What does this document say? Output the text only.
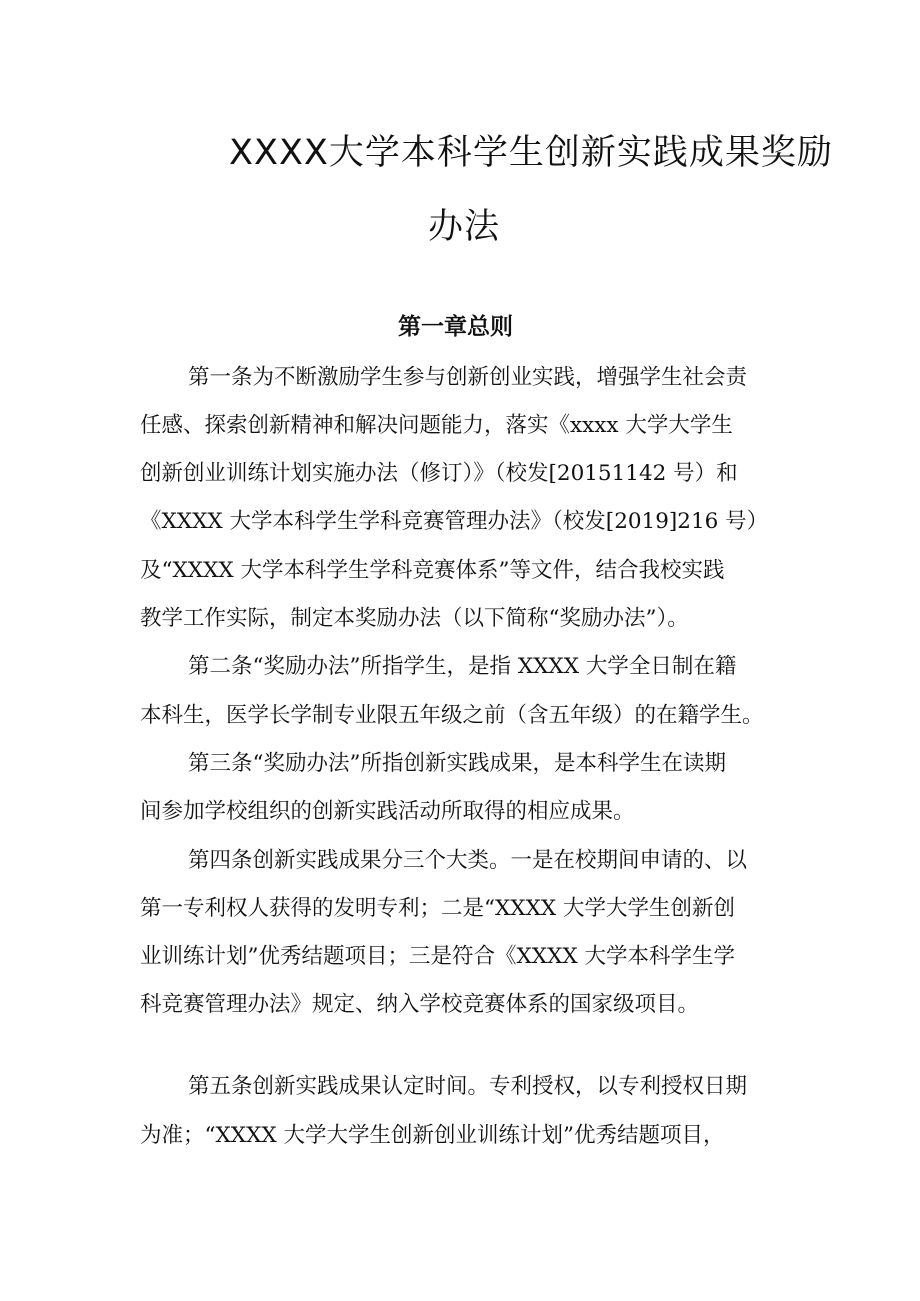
XXXX大学本科学生创新实践成果奖励
办法
第一章总则
第一条为不断激励学生参与创新创业实践，增强学生社会责
任感、探索创新精神和解决问题能力，落实《xxxx 大学大学生
创新创业训练计划实施办法（修订）》（校发[20151142 号）和
《XXXX 大学本科学生学科竞赛管理办法》（校发[2019]216 号）
及“XXXX 大学本科学生学科竞赛体系”等文件，结合我校实践
教学工作实际，制定本奖励办法（以下简称“奖励办法”）。
第二条“奖励办法”所指学生，是指 XXXX 大学全日制在籍
本科生，医学长学制专业限五年级之前（含五年级）的在籍学生。
第三条“奖励办法”所指创新实践成果，是本科学生在读期
间参加学校组织的创新实践活动所取得的相应成果。
第四条创新实践成果分三个大类。一是在校期间申请的、以
第一专利权人获得的发明专利；二是“XXXX 大学大学生创新创
业训练计划”优秀结题项目；三是符合《XXXX 大学本科学生学
科竞赛管理办法》规定、纳入学校竞赛体系的国家级项目。
第五条创新实践成果认定时间。专利授权，以专利授权日期
为准；“XXXX 大学大学生创新创业训练计划”优秀结题项目，
